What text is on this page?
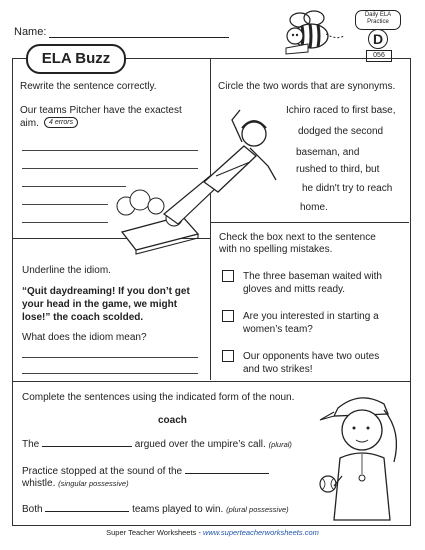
Name:
Daily ELA
Practice
D
056
ELA Buzz
Rewrite the sentence correctly.
Our teams Pitcher have the exactest
aim.	4 errors
Circle the two words that are synonyms.
Ichiro raced to first base,
dodged the second
baseman, and
rushed to third, but
he didn't try to reach
home.
Underline the idiom.
“Quit daydreaming! If you don’t get
your head in the game, we might
lose!” the coach scolded.
What does the idiom mean?
Check the box next to the sentence
with no spelling mistakes.
The three baseman waited with
gloves and mitts ready.
Are you interested in starting a
women’s team?
Our opponents have two outes
and two strikes!
Complete the sentences using the indicated form of the noun.
coach
The	argued over the umpire’s call. (plural)
Practice stopped at the sound of the
whistle. (singular possessive)
Both	teams played to win. (plural possessive)
Super Teacher Worksheets - www.superteacherworksheets.com
